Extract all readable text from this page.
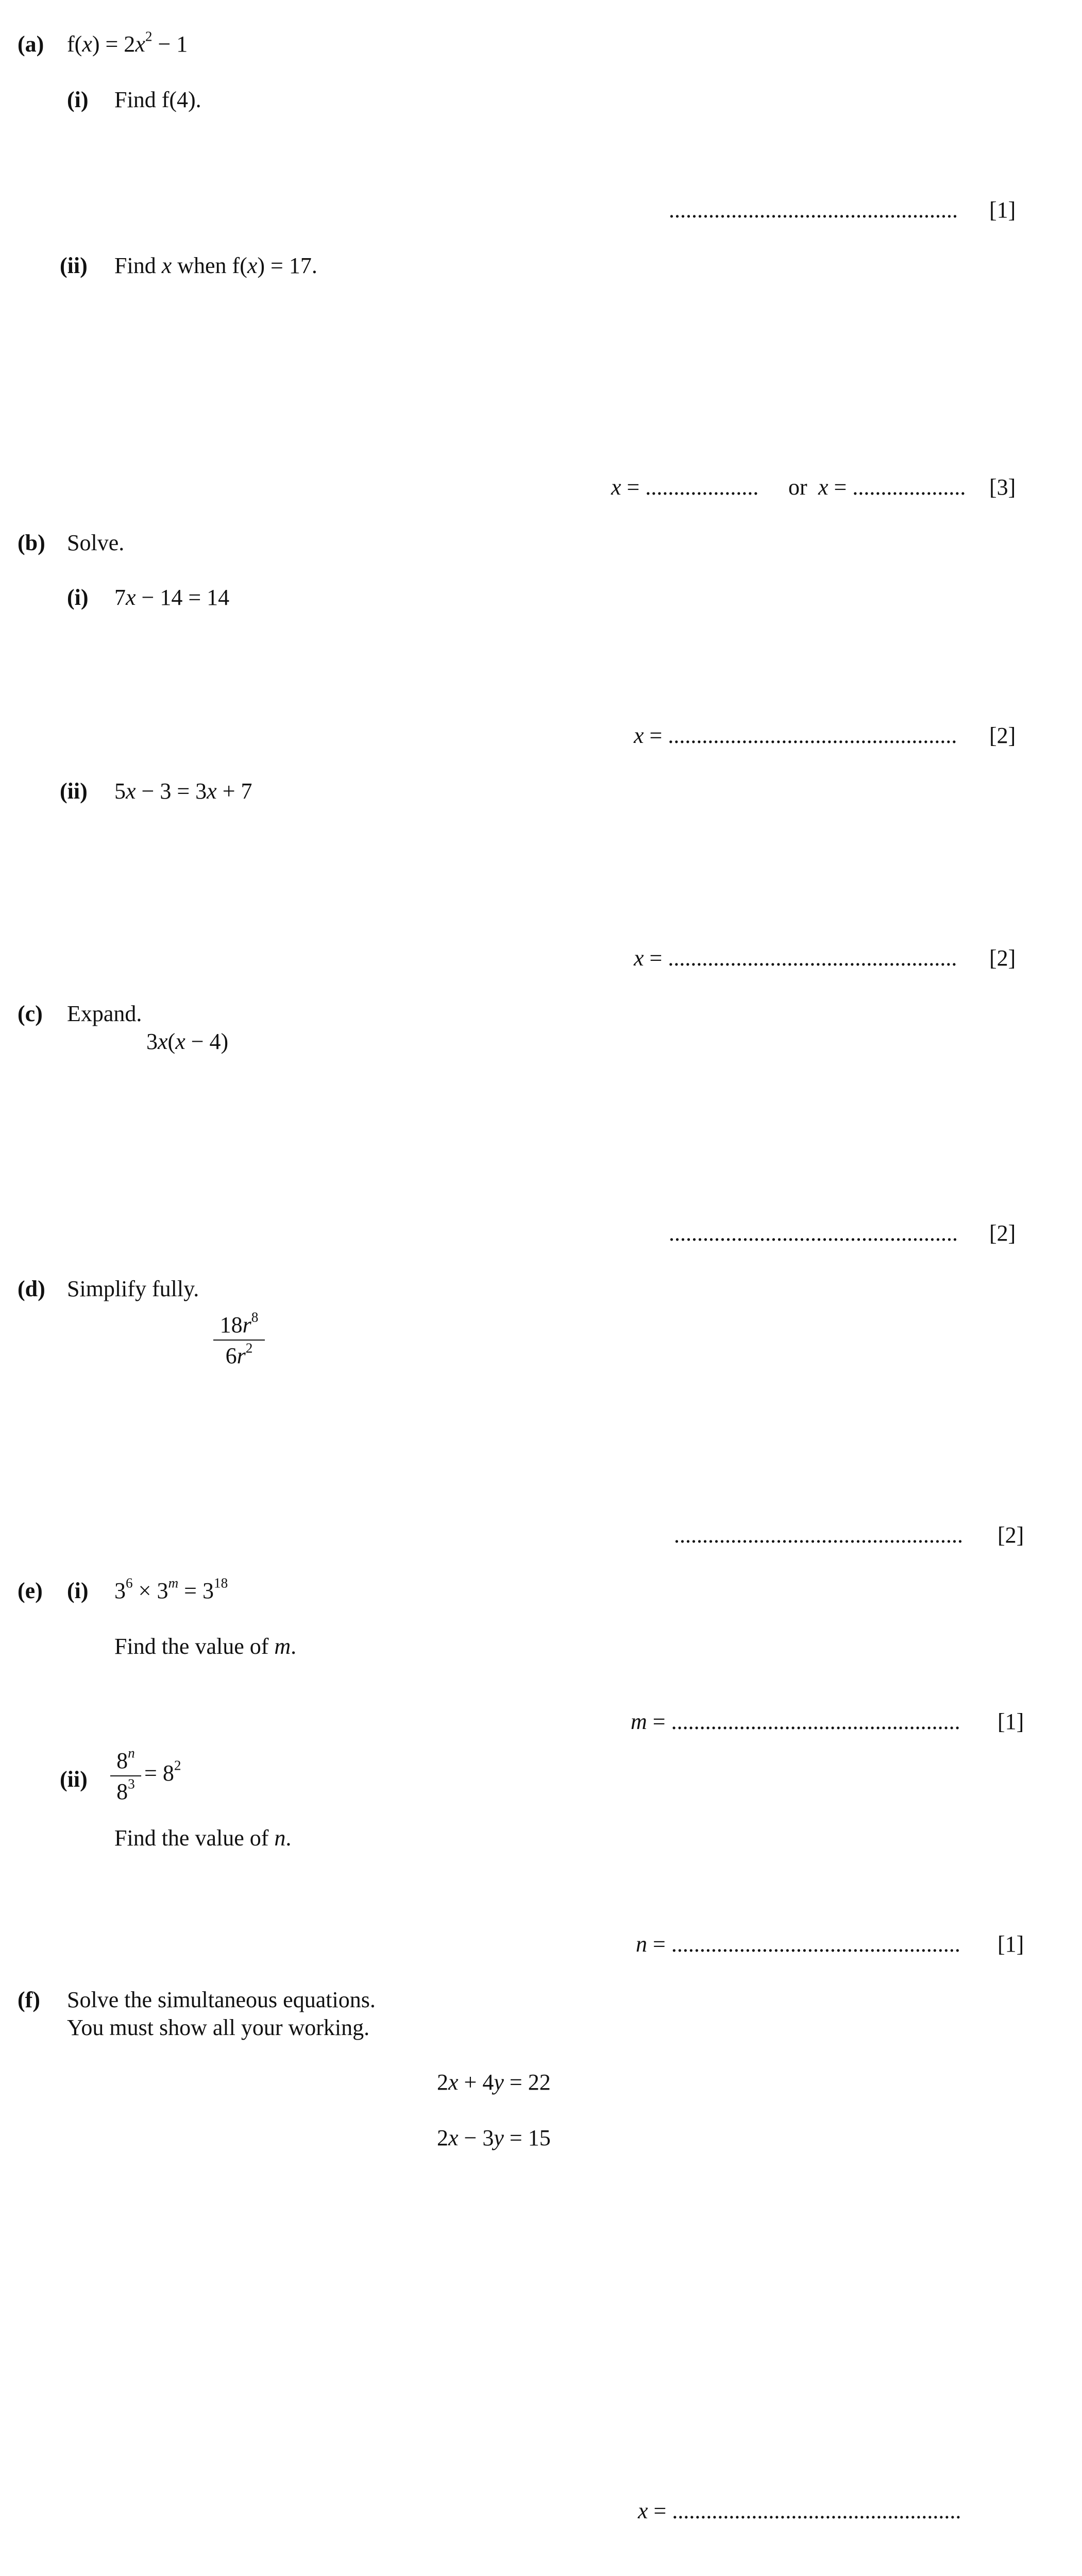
(a) $f(x) = 2x^2 - 1$
(i) Find f(4).
................................................... [1]
(ii) Find x when f(x) = 17.
x = .................... or x = .................... [3]
(b) Solve.
(i) 7x − 14 = 14
x = ................................................... [2]
(ii) 5x − 3 = 3x + 7
x = ................................................... [2]
(c) Expand.
3x(x − 4)
................................................... [2]
(d) Simplify fully.
$\frac{18r^8}{6r^2}$
................................................... [2]
(e) (i) $3^6 \times 3^m = 3^{18}$
Find the value of m.
m = ................................................... [1]
$(ii) \frac{8^n}{8^3} = 8^2$
Find the value of n.
n = ................................................... [1]
(f) Solve the simultaneous equations.
You must show all your working.
2x + 4y = 22
2x − 3y = 15
x = ...................................................
